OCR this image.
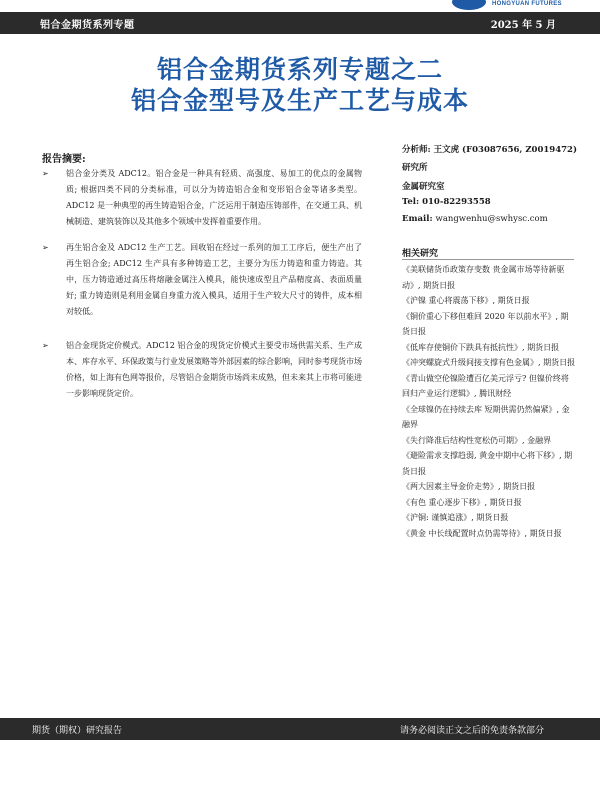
铝合金期货系列专题	2025 年 5 月
HONGYUAN FUTURES
铝合金期货系列专题之二
铝合金型号及生产工艺与成本
报告摘要:
➢ 铝合金分类及 ADC12。铝合金是一种具有轻质、高强度、易加工的优点的金属物质; 根据四类不同的分类标准，可以分为铸造铝合金和变形铝合金等诸多类型。ADC12 是一种典型的再生铸造铝合金，广泛运用于制造压铸部件，在交通工具、机械制造、建筑装饰以及其他多个领域中发挥着重要作用。
➢ 再生铝合金及 ADC12 生产工艺。回收铝在经过一系列的加工工序后，便生产出了再生铝合金; ADC12 生产具有多种铸造工艺，主要分为压力铸造和重力铸造。其中，压力铸造通过高压将熔融金属注入模具，能快速成型且产品精度高、表面质量好; 重力铸造则是利用金属自身重力流入模具，适用于生产较大尺寸的铸件，成本相对较低。
➢ 铝合金现货定价模式。ADC12 铝合金的现货定价模式主要受市场供需关系、生产成本、库存水平、环保政策与行业发展策略等外部因素的综合影响，同时参考现货市场价格，如上海有色网等报价，尽管铝合金期货市场尚未成熟，但未来其上市将可能进一步影响现货定价。
分析师: 王文虎 (F03087656, Z0019472)
研究所
金属研究室
Tel: 010-82293558
Email: wangwenhu@swhysc.com
相关研究
《美联储货币政策存变数 贵金属市场等待新驱动》, 期货日报
《沪镍 重心将震荡下移》, 期货日报
《铜价重心下移但难回 2020 年以前水平》, 期货日报
《低库存使铜价下跌具有抵抗性》, 期货日报
《冲突螺旋式升级间接支撑有色金属》, 期货日报
《青山做空伦镍险遭百亿美元浮亏? 但镍价终将回归产业运行逻辑》, 腾讯财经
《全球镍仍在持续去库 短期供需仍然偏紧》, 金融界
《失行降准后结构性宽松仍可期》, 金融界
《避险需求支撑趋弱, 黄金中期中心将下移》, 期货日报
《两大因素主导金价走势》, 期货日报
《有色 重心逐步下移》, 期货日报
《沪铜: 谨慎追涨》, 期货日报
《黄金 中长线配置时点仍需等待》, 期货日报
期货（期权）研究报告	请务必阅读正文之后的免责条款部分
